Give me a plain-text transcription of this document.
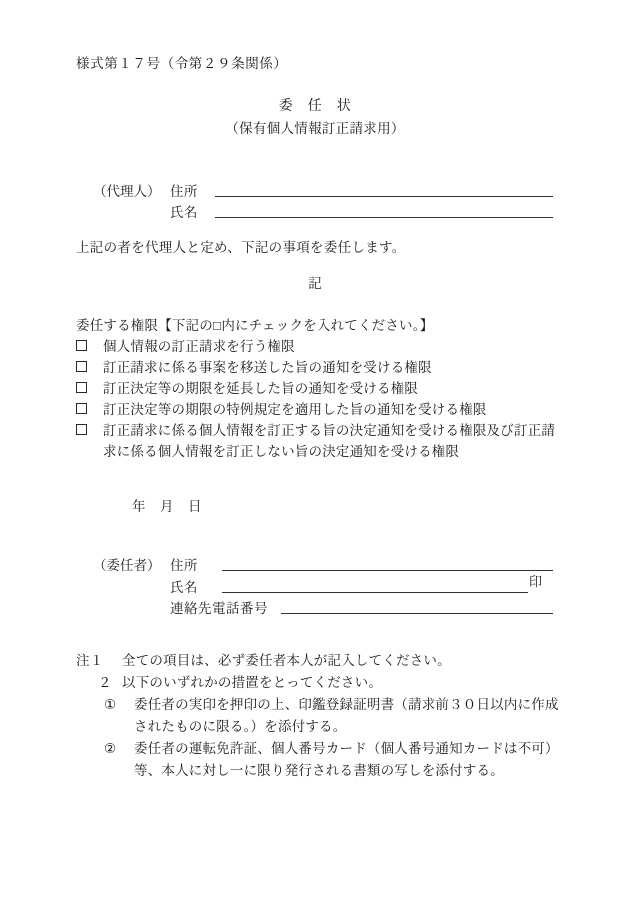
様式第１７号（令第２９条関係）
委　任　状
（保有個人情報訂正請求用）
（代理人） 住所
氏名
上記の者を代理人と定め、下記の事項を委任します。
記
委任する権限【下記の□内にチェックを入れてください。】
個人情報の訂正請求を行う権限
訂正請求に係る事案を移送した旨の通知を受ける権限
訂正決定等の期限を延長した旨の通知を受ける権限
訂正決定等の期限の特例規定を適用した旨の通知を受ける権限
訂正請求に係る個人情報を訂正する旨の決定通知を受ける権限及び訂正請
求に係る個人情報を訂正しない旨の決定通知を受ける権限
年　月　日
（委任者） 住所
氏名	印
連絡先電話番号
注１	全ての項目は、必ず委任者本人が記入してください。
２ 以下のいずれかの措置をとってください。
①	委任者の実印を押印の上、印鑑登録証明書（請求前３０日以内に作成
されたものに限る。）を添付する。
②	委任者の運転免許証、個人番号カード（個人番号通知カードは不可）
等、本人に対し一に限り発行される書類の写しを添付する。
